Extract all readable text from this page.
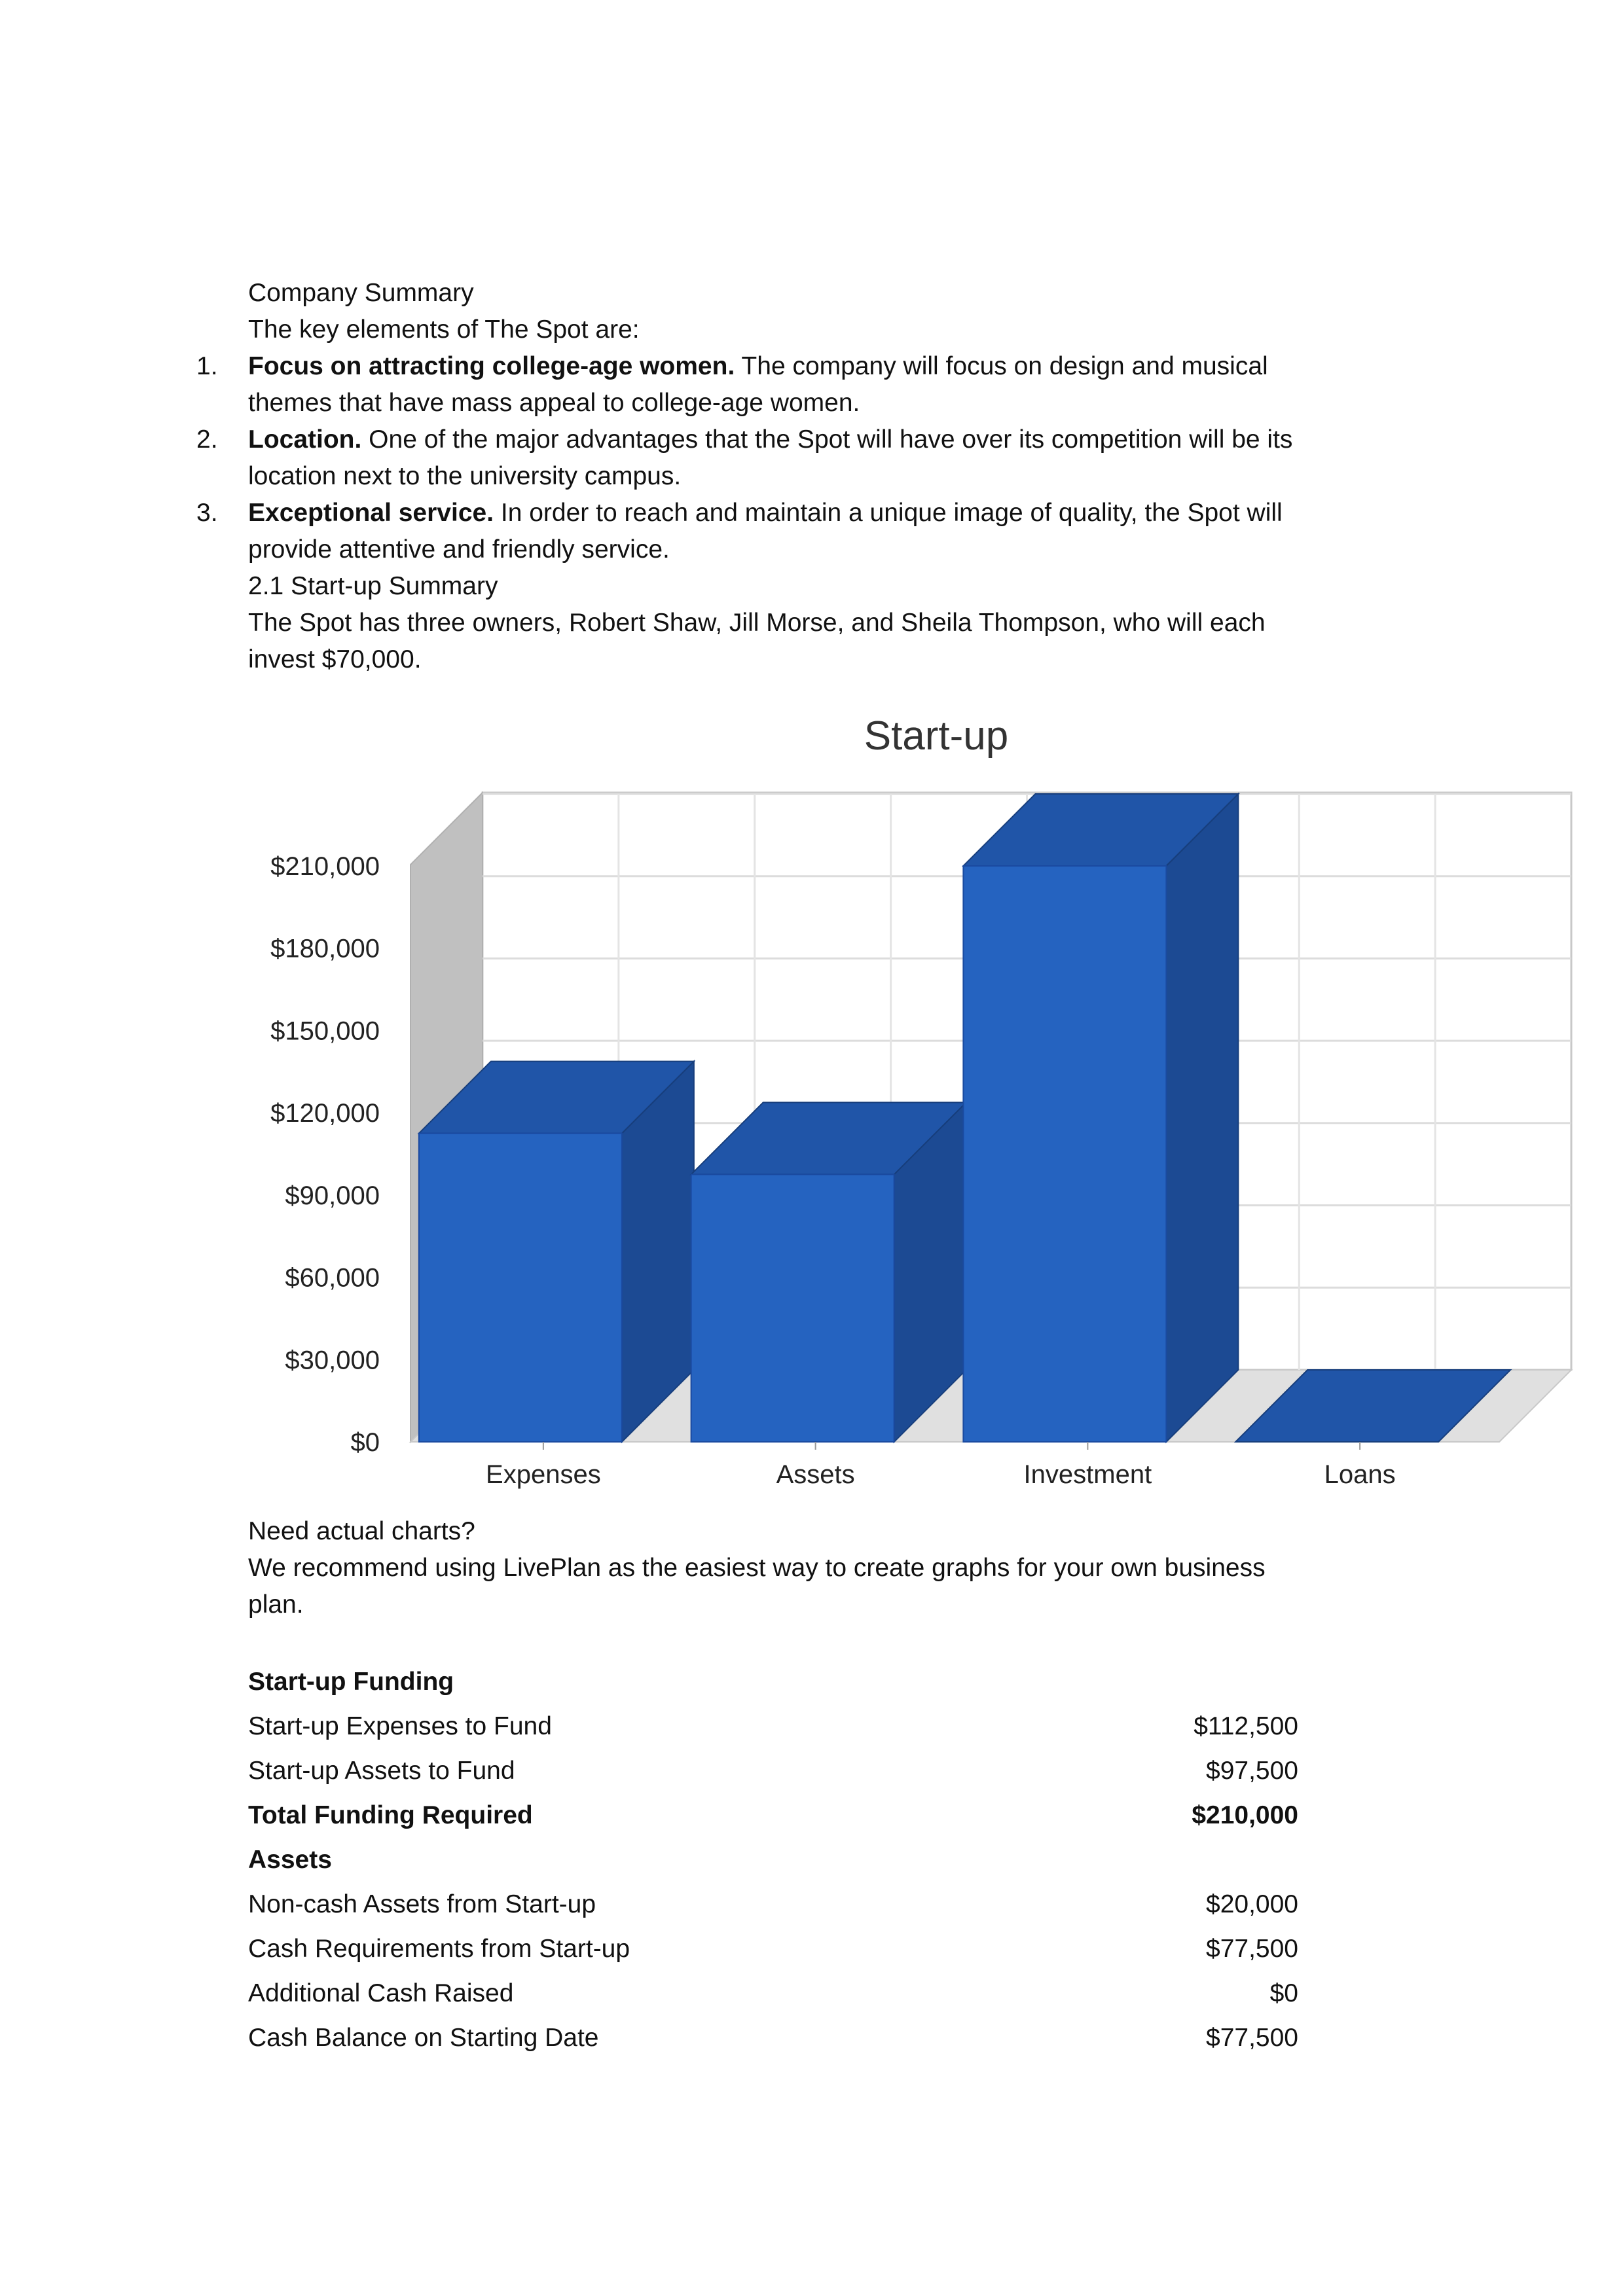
Company Summary
The key elements of The Spot are:
1.	Focus on attracting college-age women. The company will focus on design and musical
themes that have mass appeal to college-age women.
2.	Location. One of the major advantages that the Spot will have over its competition will be its
location next to the university campus.
3.	Exceptional service. In order to reach and maintain a unique image of quality, the Spot will
provide attentive and friendly service.
2.1 Start-up Summary
The Spot has three owners, Robert Shaw, Jill Morse, and Sheila Thompson, who will each
invest $70,000.
Expenses	Assets	Investment	Loans
$0
$30,000
$60,000
$90,000
$120,000
$150,000
$180,000
$210,000
Start-up
Need actual charts?
We recommend using LivePlan as the easiest way to create graphs for your own business
plan.
Start-up Funding
Start-up Expenses to Fund	$112,500
Start-up Assets to Fund	$97,500
Total Funding Required	$210,000
Assets
Non-cash Assets from Start-up	$20,000
Cash Requirements from Start-up	$77,500
Additional Cash Raised	$0
Cash Balance on Starting Date	$77,500
